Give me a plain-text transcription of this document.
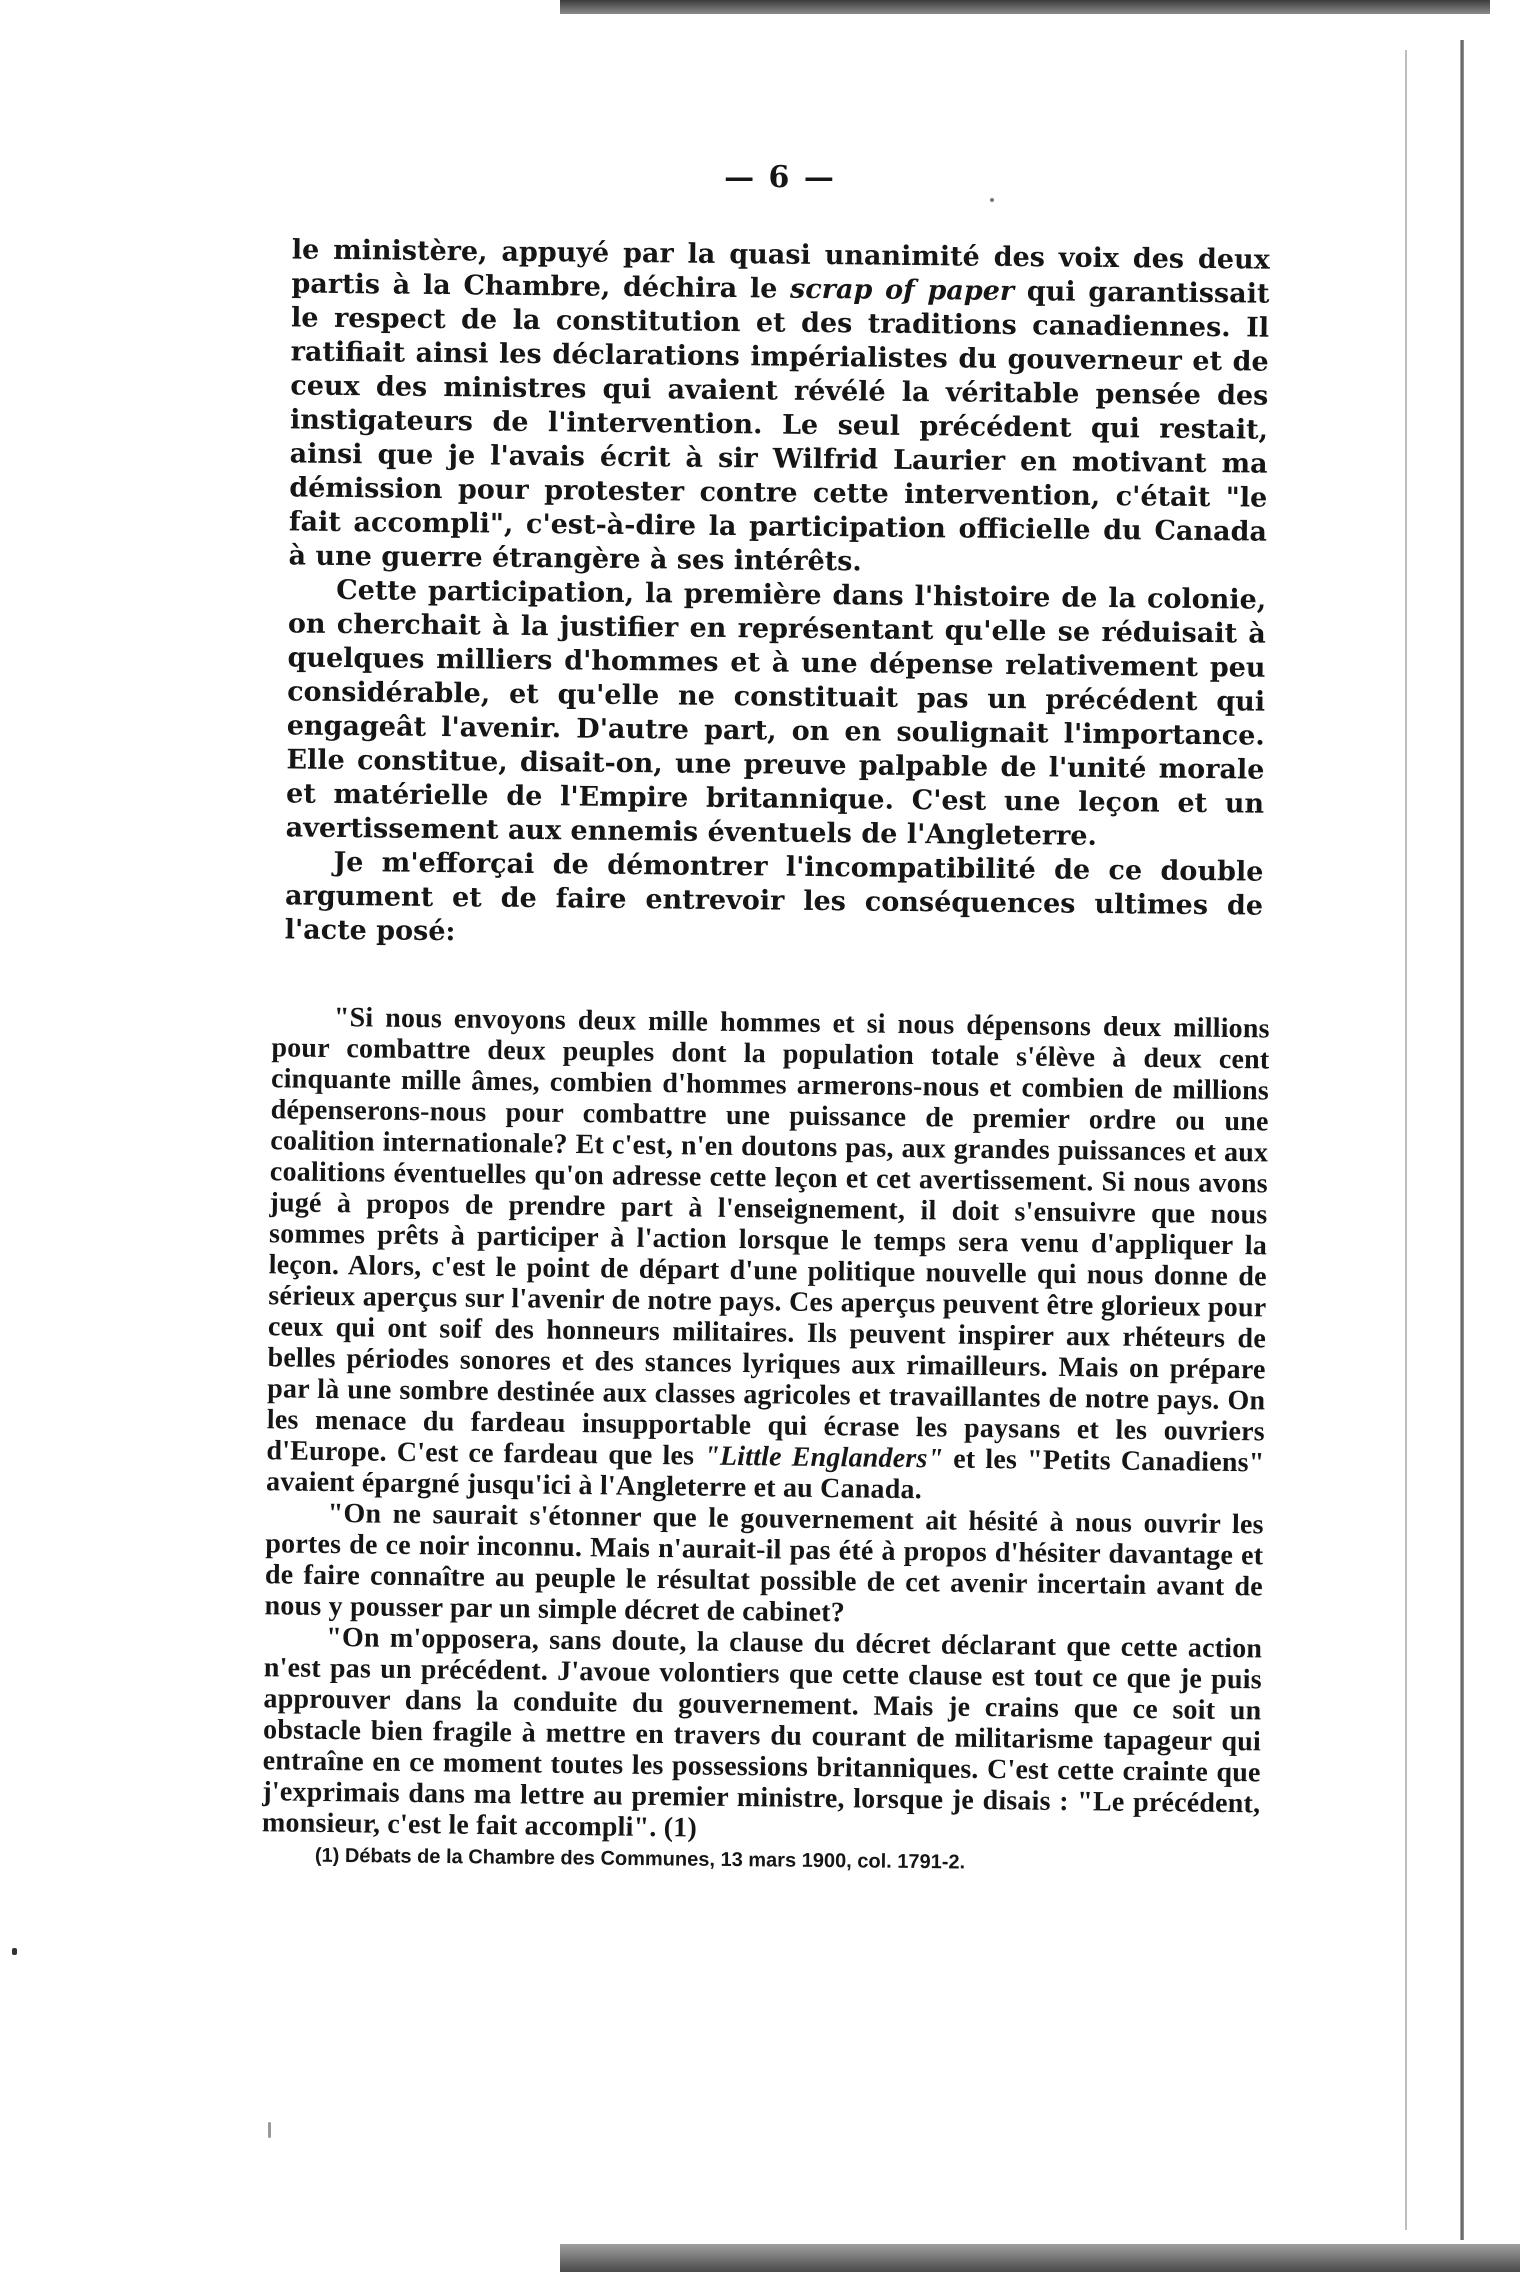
— 6 —

le ministère, appuyé par la quasi unanimité des voix des deux partis à la Chambre, déchira le scrap of paper qui garantissait le respect de la constitution et des traditions canadiennes. Il ratifiait ainsi les déclarations impérialistes du gouverneur et de ceux des ministres qui avaient révélé la véritable pensée des instigateurs de l'intervention. Le seul précédent qui restait, ainsi que je l'avais écrit à sir Wilfrid Laurier en motivant ma démission pour protester contre cette intervention, c'était "le fait accompli", c'est-à-dire la participation officielle du Canada à une guerre étrangère à ses intérêts.

Cette participation, la première dans l'histoire de la colonie, on cherchait à la justifier en représentant qu'elle se réduisait à quelques milliers d'hommes et à une dépense relativement peu considérable, et qu'elle ne constituait pas un précédent qui engageât l'avenir. D'autre part, on en soulignait l'importance. Elle constitue, disait-on, une preuve palpable de l'unité morale et matérielle de l'Empire britannique. C'est une leçon et un avertissement aux ennemis éventuels de l'Angleterre.

Je m'efforçai de démontrer l'incompatibilité de ce double argument et de faire entrevoir les conséquences ultimes de l'acte posé:

"Si nous envoyons deux mille hommes et si nous dépensons deux millions pour combattre deux peuples dont la population totale s'élève à deux cent cinquante mille âmes, combien d'hommes armerons-nous et combien de millions dépenserons-nous pour combattre une puissance de premier ordre ou une coalition internationale? Et c'est, n'en doutons pas, aux grandes puissances et aux coalitions éventuelles qu'on adresse cette leçon et cet avertissement. Si nous avons jugé à propos de prendre part à l'enseignement, il doit s'ensuivre que nous sommes prêts à participer à l'action lorsque le temps sera venu d'appliquer la leçon. Alors, c'est le point de départ d'une politique nouvelle qui nous donne de sérieux aperçus sur l'avenir de notre pays. Ces aperçus peuvent être glorieux pour ceux qui ont soif des honneurs militaires. Ils peuvent inspirer aux rhéteurs de belles périodes sonores et des stances lyriques aux rimailleurs. Mais on prépare par là une sombre destinée aux classes agricoles et travaillantes de notre pays. On les menace du fardeau insupportable qui écrase les paysans et les ouvriers d'Europe. C'est ce fardeau que les "Little Englanders" et les "Petits Canadiens" avaient épargné jusqu'ici à l'Angleterre et au Canada.

"On ne saurait s'étonner que le gouvernement ait hésité à nous ouvrir les portes de ce noir inconnu. Mais n'aurait-il pas été à propos d'hésiter davantage et de faire connaître au peuple le résultat possible de cet avenir incertain avant de nous y pousser par un simple décret de cabinet?

"On m'opposera, sans doute, la clause du décret déclarant que cette action n'est pas un précédent. J'avoue volontiers que cette clause est tout ce que je puis approuver dans la conduite du gouvernement. Mais je crains que ce soit un obstacle bien fragile à mettre en travers du courant de militarisme tapageur qui entraîne en ce moment toutes les possessions britanniques. C'est cette crainte que j'exprimais dans ma lettre au premier ministre, lorsque je disais : "Le précédent, monsieur, c'est le fait accompli". (1)

(1) Débats de la Chambre des Communes, 13 mars 1900, col. 1791-2.
